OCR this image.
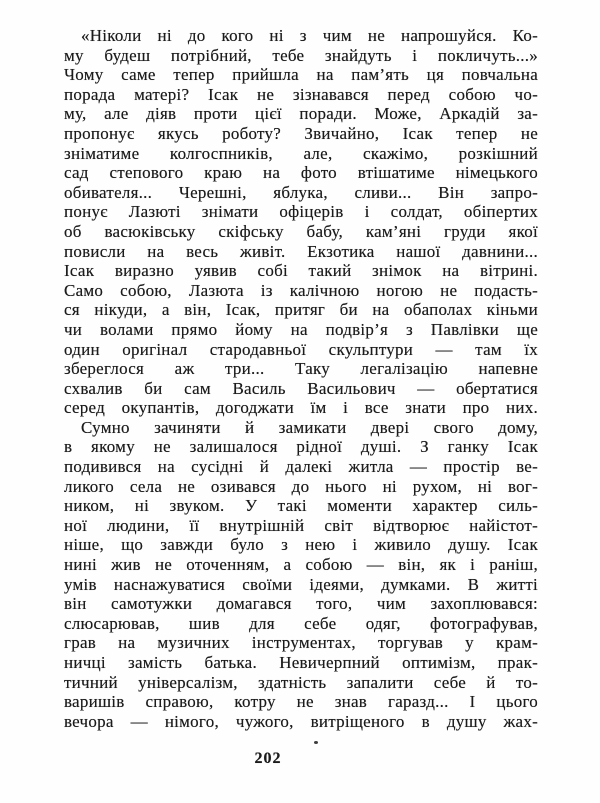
«Ніколи ні до кого ні з чим не напрошуйся. Ко-
му будеш потрібний, тебе знайдуть і покличуть...»
Чому саме тепер прийшла на пам’ять ця повчальна
порада матері? Ісак не зізнавався перед собою чо-
му, але діяв проти цієї поради. Може, Аркадій за-
пропонує якусь роботу? Звичайно, Ісак тепер не
зніматиме колгоспників, але, скажімо, розкішний
сад степового краю на фото втішатиме німецького
обивателя... Черешні, яблука, сливи... Він запро-
понує Лазюті знімати офіцерів і солдат, обіпертих
об васюківську скіфську бабу, кам’яні груди якої
повисли на весь живіт. Екзотика нашої давнини...
Ісак виразно уявив собі такий знімок на вітрині.
Само собою, Лазюта із калічною ногою не подасть-
ся нікуди, а він, Ісак, притяг би на обаполах кіньми
чи волами прямо йому на подвір’я з Павлівки ще
один оригінал стародавньої скульптури — там їх
збереглося аж три... Таку легалізацію напевне
схвалив би сам Василь Васильович — обертатися
серед окупантів, догоджати їм і все знати про них.
Сумно зачиняти й замикати двері свого дому,
в якому не залишалося рідної душі. З ганку Ісак
подивився на сусідні й далекі житла — простір ве-
ликого села не озивався до нього ні рухом, ні вог-
ником, ні звуком. У такі моменти характер силь-
ної людини, її внутрішній світ відтворює найістот-
ніше, що завжди було з нею і живило душу. Ісак
нині жив не оточенням, а собою — він, як і раніш,
умів наснажуватися своїми ідеями, думками. В житті
він самотужки домагався того, чим захоплювався:
слюсарював, шив для себе одяг, фотографував,
грав на музичних інструментах, торгував у крам-
ничці замість батька. Невичерпний оптимізм, прак-
тичний універсалізм, здатність запалити себе й то-
варишів справою, котру не знав гаразд... І цього
вечора — німого, чужого, витріщеного в душу жах-
202
